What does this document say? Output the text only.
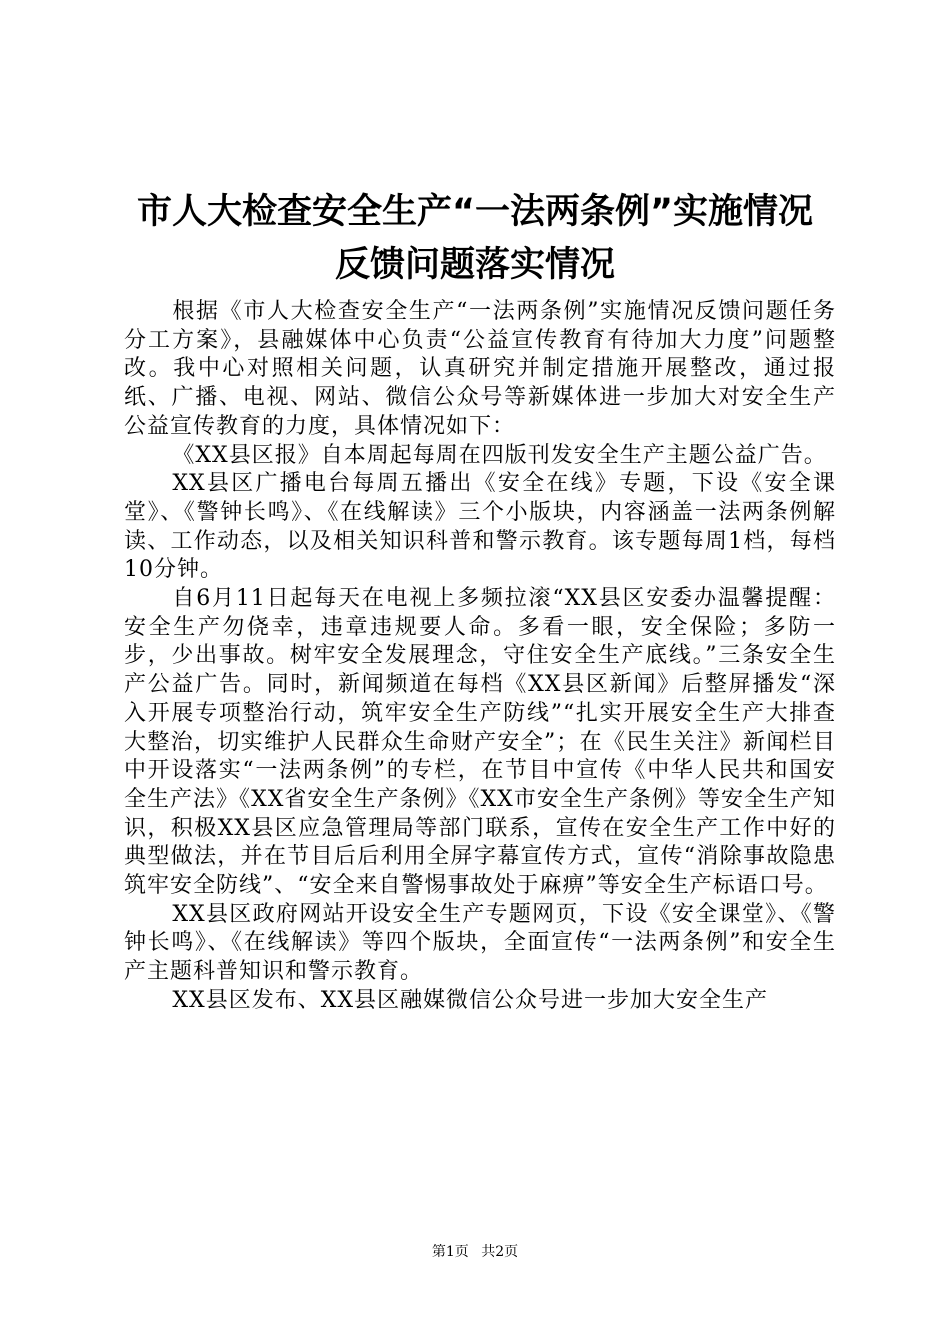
市人大检查安全生产“一法两条例”实施情况
反馈问题落实情况

根据《市人大检查安全生产“一法两条例”实施情况反馈问题任务分工方案》，县融媒体中心负责“公益宣传教育有待加大力度”问题整改。我中心对照相关问题，认真研究并制定措施开展整改，通过报纸、广播、电视、网站、微信公众号等新媒体进一步加大对安全生产公益宣传教育的力度，具体情况如下：

《XX县区报》自本周起每周在四版刊发安全生产主题公益广告。

XX县区广播电台每周五播出《安全在线》专题，下设《安全课堂》、《警钟长鸣》、《在线解读》三个小版块，内容涵盖一法两条例解读、工作动态，以及相关知识科普和警示教育。该专题每周1档，每档10分钟。

自6月11日起每天在电视上多频拉滚“XX县区安委办温馨提醒：安全生产勿侥幸，违章违规要人命。多看一眼，安全保险；多防一步，少出事故。树牢安全发展理念，守住安全生产底线。”三条安全生产公益广告。同时，新闻频道在每档《XX县区新闻》后整屏播发“深入开展专项整治行动，筑牢安全生产防线”“扎实开展安全生产大排查大整治，切实维护人民群众生命财产安全”；在《民生关注》新闻栏目中开设落实“一法两条例”的专栏，在节目中宣传《中华人民共和国安全生产法》《XX省安全生产条例》《XX市安全生产条例》等安全生产知识，积极XX县区应急管理局等部门联系，宣传在安全生产工作中好的典型做法，并在节目后后利用全屏字幕宣传方式，宣传“消除事故隐患筑牢安全防线”、“安全来自警惕事故处于麻痹”等安全生产标语口号。

XX县区政府网站开设安全生产专题网页，下设《安全课堂》、《警钟长鸣》、《在线解读》等四个版块，全面宣传“一法两条例”和安全生产主题科普知识和警示教育。

XX县区发布、XX县区融媒微信公众号进一步加大安全生产

第1页 共2页
